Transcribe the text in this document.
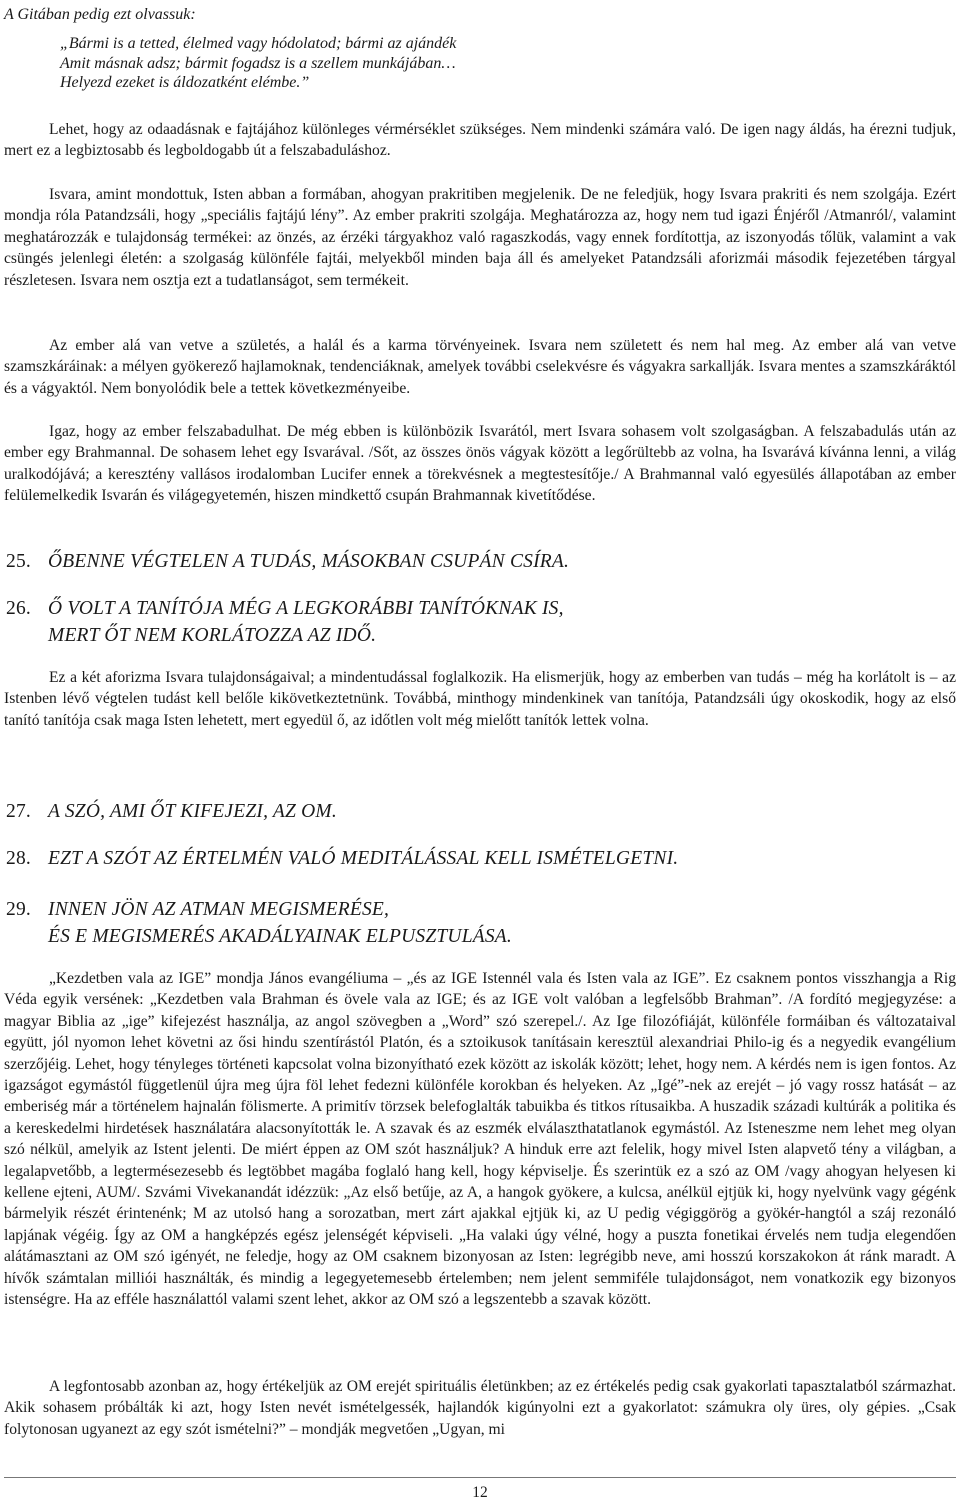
A Gitában pedig ezt olvassuk:

„Bármi is a tetted, élelmed vagy hódolatod; bármi az ajándék
Amit másnak adsz; bármit fogadsz is a szellem munkájában…
Helyezd ezeket is áldozatként elémbe.”

Lehet, hogy az odaadásnak e fajtájához különleges vérmérséklet szükséges. Nem mindenki számára való. De igen nagy áldás, ha érezni tudjuk, mert ez a legbiztosabb és legboldogabb út a felszabaduláshoz.

Isvara, amint mondottuk, Isten abban a formában, ahogyan prakritiben megjelenik. De ne feledjük, hogy Isvara prakriti és nem szolgája. Ezért mondja róla Patandzsáli, hogy „speciális fajtájú lény”. Az ember prakriti szolgája. Meghatározza az, hogy nem tud igazi Énjéről /Atmanról/, valamint meghatározzák e tulajdonság termékei: az önzés, az érzéki tárgyakhoz való ragaszkodás, vagy ennek fordítottja, az iszonyodás tőlük, valamint a vak csüngés jelenlegi életén: a szolgaság különféle fajtái, melyekből minden baja áll és amelyeket Patandzsáli aforizmái második fejezetében tárgyal részletesen. Isvara nem osztja ezt a tudatlanságot, sem termékeit.

Az ember alá van vetve a születés, a halál és a karma törvényeinek. Isvara nem született és nem hal meg. Az ember alá van vetve szamszkáráinak: a mélyen gyökerező hajlamoknak, tendenciáknak, amelyek további cselekvésre és vágyakra sarkallják. Isvara mentes a szamszkáráktól és a vágyaktól. Nem bonyolódik bele a tettek következményeibe.

Igaz, hogy az ember felszabadulhat. De még ebben is különbözik Isvarától, mert Isvara sohasem volt szolgaságban. A felszabadulás után az ember egy Brahmannal. De sohasem lehet egy Isvarával. /Sőt, az összes önös vágyak között a legőrültebb az volna, ha Isvarává kívánna lenni, a világ uralkodójává; a keresztény vallásos irodalomban Lucifer ennek a törekvésnek a megtestesítője./ A Brahmannal való egyesülés állapotában az ember felülemelkedik Isvarán és világegyetemén, hiszen mindkettő csupán Brahmannak kivetítődése.

25. ŐBENNE VÉGTELEN A TUDÁS, MÁSOKBAN CSUPÁN CSÍRA.
26. Ő VOLT A TANÍTÓJA MÉG A LEGKORÁBBI TANÍTÓKNAK IS,
MERT ŐT NEM KORLÁTOZZA AZ IDŐ.

Ez a két aforizma Isvara tulajdonságaival; a mindentudással foglalkozik. Ha elismerjük, hogy az emberben van tudás – még ha korlátolt is – az Istenben lévő végtelen tudást kell belőle kikövetkeztetnünk. Továbbá, minthogy mindenkinek van tanítója, Patandzsáli úgy okoskodik, hogy az első tanító tanítója csak maga Isten lehetett, mert egyedül ő, az időtlen volt még mielőtt tanítók lettek volna.

27. A SZÓ, AMI ŐT KIFEJEZI, AZ OM.
28. EZT A SZÓT AZ ÉRTELMÉN VALÓ MEDITÁLÁSSAL KELL ISMÉTELGETNI.
29. INNEN JÖN AZ ATMAN MEGISMERÉSE,
ÉS E MEGISMERÉS AKADÁLYAINAK ELPUSZTULÁSA.

„Kezdetben vala az IGE” mondja János evangéliuma – „és az IGE Istennél vala és Isten vala az IGE”. Ez csaknem pontos visszhangja a Rig Véda egyik versének: „Kezdetben vala Brahman és övele vala az IGE; és az IGE volt valóban a legfelsőbb Brahman”. /A fordító megjegyzése: a magyar Biblia az „ige” kifejezést használja, az angol szövegben a „Word” szó szerepel./. Az Ige filozófiáját, különféle formáiban és változataival együtt, jól nyomon lehet követni az ősi hindu szentírástól Platón, és a sztoikusok tanításain keresztül alexandriai Philo-ig és a negyedik evangélium szerzőjéig. Lehet, hogy tényleges történeti kapcsolat volna bizonyítható ezek között az iskolák között; lehet, hogy nem. A kérdés nem is igen fontos. Az igazságot egymástól függetlenül újra meg újra föl lehet fedezni különféle korokban és helyeken. Az „Igé”-nek az erejét – jó vagy rossz hatását – az emberiség már a történelem hajnalán fölismerte. A primitív törzsek belefoglalták tabuikba és titkos rítusaikba. A huszadik századi kultúrák a politika és a kereskedelmi hirdetések használatára alacsonyították le. A szavak és az eszmék elválaszthatatlanok egymástól. Az Isteneszme nem lehet meg olyan szó nélkül, amelyik az Istent jelenti. De miért éppen az OM szót használjuk? A hinduk erre azt felelik, hogy mivel Isten alapvető tény a világban, a legalapvetőbb, a legtermésezesebb és legtöbbet magába foglaló hang kell, hogy képviselje. És szerintük ez a szó az OM /vagy ahogyan helyesen ki kellene ejteni, AUM/. Szvámi Vivekanandát idézzük: „Az első betűje, az A, a hangok gyökere, a kulcsa, anélkül ejtjük ki, hogy nyelvünk vagy gégénk bármelyik részét érintenénk; M az utolsó hang a sorozatban, mert zárt ajakkal ejtjük ki, az U pedig végiggörög a gyökér-hangtól a száj rezonáló lapjának végéig. Így az OM a hangképzés egész jelenségét képviseli. „Ha valaki úgy vélné, hogy a puszta fonetikai érvelés nem tudja elegendően alátámasztani az OM szó igényét, ne feledje, hogy az OM csaknem bizonyosan az Isten: legrégibb neve, ami hosszú korszakokon át ránk maradt. A hívők számtalan milliói használták, és mindig a legegyetemesebb értelemben; nem jelent semmiféle tulajdonságot, nem vonatkozik egy bizonyos istenségre. Ha az efféle használattól valami szent lehet, akkor az OM szó a legszentebb a szavak között.

A legfontosabb azonban az, hogy értékeljük az OM erejét spirituális életünkben; az ez értékelés pedig csak gyakorlati tapasztalatból származhat. Akik sohasem próbálták ki azt, hogy Isten nevét ismételgessék, hajlandók kigúnyolni ezt a gyakorlatot: számukra oly üres, oly gépies. „Csak folytonosan ugyanezt az egy szót ismételni?” – mondják megvetően „Ugyan, mi

12
